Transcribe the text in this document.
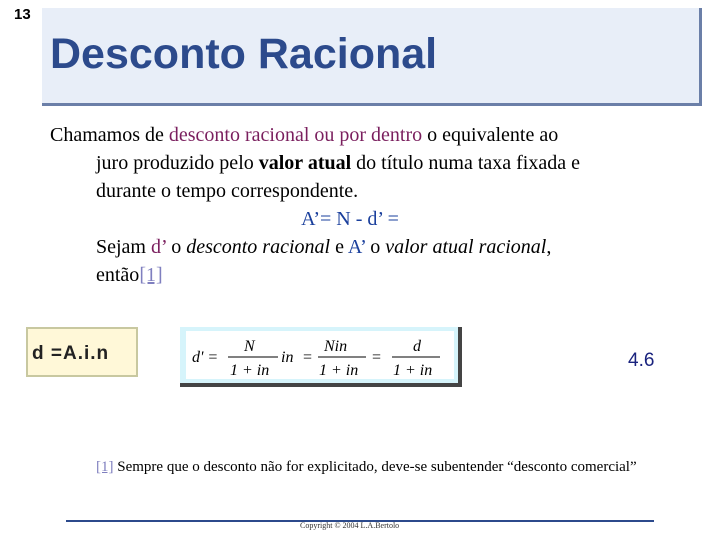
13
Desconto Racional
Chamamos de desconto racional ou por dentro o equivalente ao
juro produzido pelo valor atual do título numa taxa fixada e
durante o tempo correspondente.
A’= N - d’ =
Sejam d’ o desconto racional e A’ o valor atual racional,
então[1]
d =A.i.n	d' =
N
1 + in
in =
Nin
1 + in
=
d
1 + in	4.6
[1] Sempre que o desconto não for explicitado, deve-se subentender “desconto comercial”
Copyright © 2004 L.A.Bertolo
